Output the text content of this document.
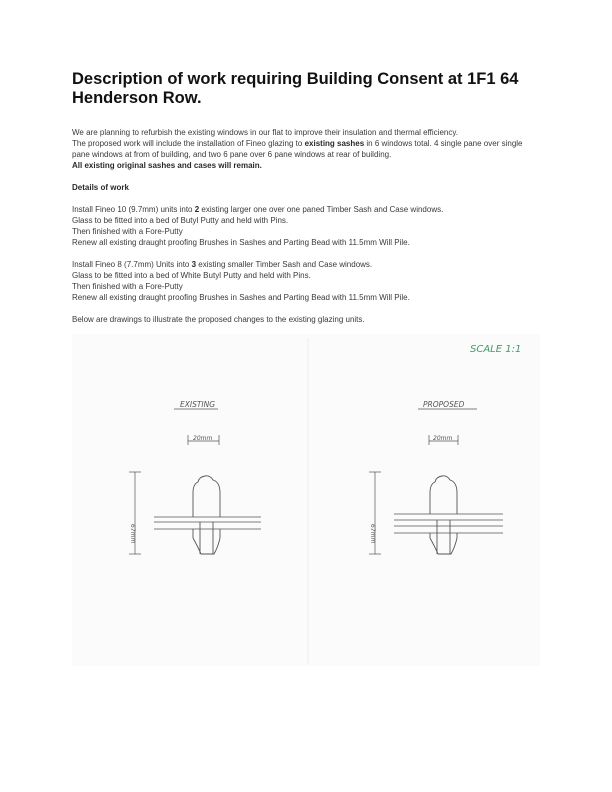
Description of work requiring Building Consent at 1F1 64 Henderson Row.

We are planning to refurbish the existing windows in our flat to improve their insulation and thermal efficiency.

The proposed work will include the installation of Fineo glazing to existing sashes in 6 windows total. 4 single pane over single pane windows at from of building, and two 6 pane over 6 pane windows at rear of building.

All existing original sashes and cases will remain.

Details of work

Install Fineo 10 (9.7mm) units into 2 existing larger one over one paned Timber Sash and Case windows.

Glass to be fitted into a bed of Butyl Putty and held with Pins.

Then finished with a Fore-Putty

Renew all existing draught proofing Brushes in Sashes and Parting Bead with 11.5mm Will Pile.

Install Fineo 8 (7.7mm) Units into 3 existing smaller Timber Sash and Case windows.

Glass to be fitted into a bed of White Butyl Putty and held with Pins.

Then finished with a Fore-Putty

Renew all existing draught proofing Brushes in Sashes and Parting Bead with 11.5mm Will Pile.

Below are drawings to illustrate the proposed changes to the existing glazing units.

SCALE 1:1
EXISTING
20mm
67mm
PROPOSED
20mm
67mm
